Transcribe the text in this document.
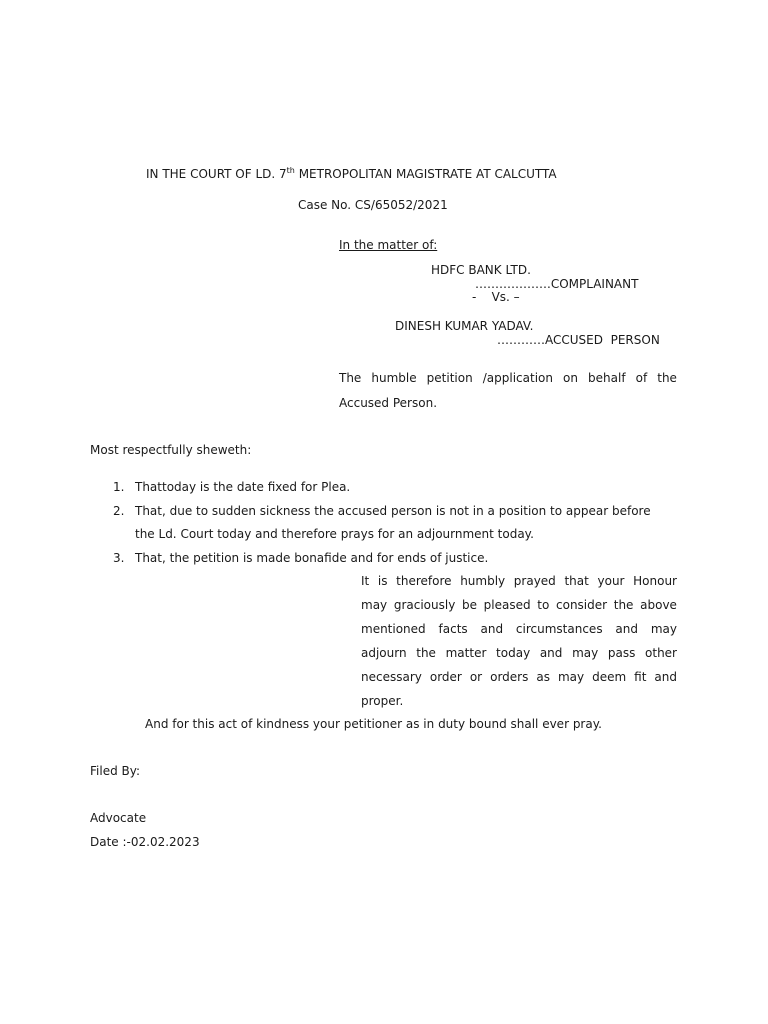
IN THE COURT OF LD. 7th METROPOLITAN MAGISTRATE AT CALCUTTA
Case No. CS/65052/2021
In the matter of:
HDFC BANK LTD.
……………….COMPLAINANT
-    Vs. –
DINESH KUMAR YADAV.
…………ACCUSED  PERSON
The humble petition /application on behalf of the
Accused Person.
Most respectfully sheweth:
1. Thattoday is the date fixed for Plea.
2. That, due to sudden sickness the accused person is not in a position to appear before
the Ld. Court today and therefore prays for an adjournment today.
3. That, the petition is made bonafide and for ends of justice.
It is therefore humbly prayed that your Honour
may graciously be pleased to consider the above
mentioned facts and circumstances and may
adjourn the matter today and may pass other
necessary order or orders as may deem fit and
proper.
And for this act of kindness your petitioner as in duty bound shall ever pray.
Filed By:
Advocate
Date :-02.02.2023
